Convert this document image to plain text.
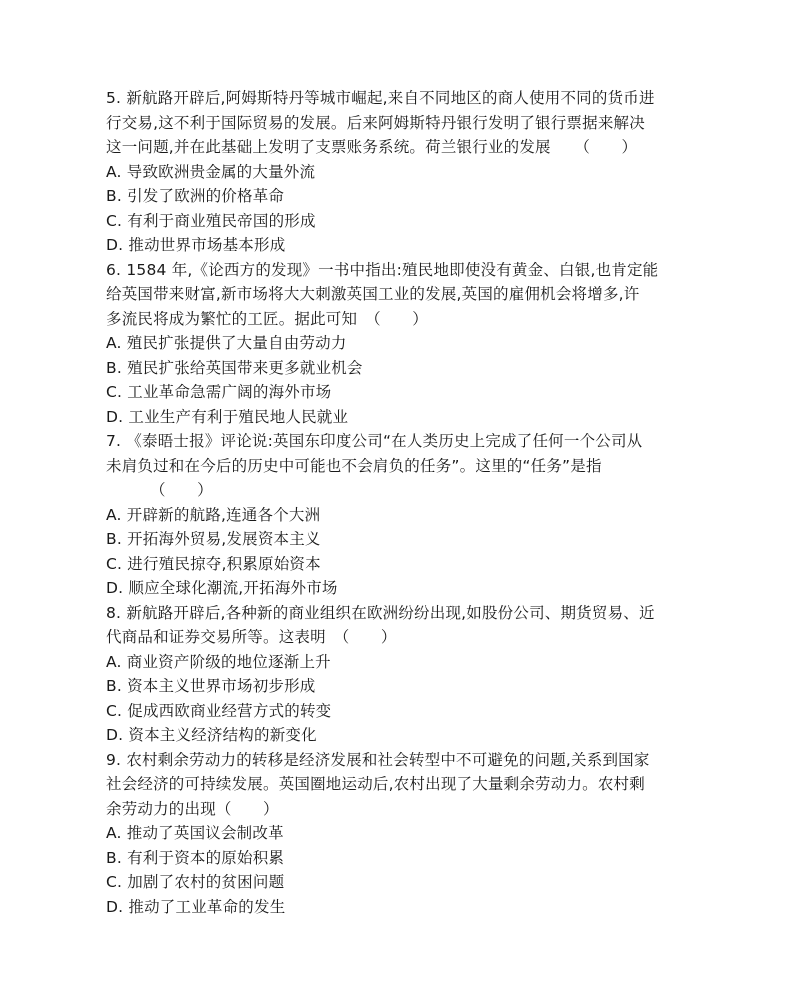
5. 新航路开辟后,阿姆斯特丹等城市崛起,来自不同地区的商人使用不同的货币进
行交易,这不利于国际贸易的发展。后来阿姆斯特丹银行发明了银行票据来解决
这一问题,并在此基础上发明了支票账务系统。荷兰银行业的发展　　（　　）
A. 导致欧洲贵金属的大量外流
B. 引发了欧洲的价格革命
C. 有利于商业殖民帝国的形成
D. 推动世界市场基本形成
6. 1584 年,《论西方的发现》一书中指出:殖民地即使没有黄金、白银,也肯定能
给英国带来财富,新市场将大大刺激英国工业的发展,英国的雇佣机会将增多,许
多流民将成为繁忙的工匠。据此可知　（　　）
A. 殖民扩张提供了大量自由劳动力
B. 殖民扩张给英国带来更多就业机会
C. 工业革命急需广阔的海外市场
D. 工业生产有利于殖民地人民就业
7. 《泰晤士报》评论说:英国东印度公司“在人类历史上完成了任何一个公司从
未肩负过和在今后的历史中可能也不会肩负的任务”。这里的“任务”是指
（　　）
A. 开辟新的航路,连通各个大洲
B. 开拓海外贸易,发展资本主义
C. 进行殖民掠夺,积累原始资本
D. 顺应全球化潮流,开拓海外市场
8. 新航路开辟后,各种新的商业组织在欧洲纷纷出现,如股份公司、期货贸易、近
代商品和证券交易所等。这表明　（　　）
A. 商业资产阶级的地位逐渐上升
B. 资本主义世界市场初步形成
C. 促成西欧商业经营方式的转变
D. 资本主义经济结构的新变化
9. 农村剩余劳动力的转移是经济发展和社会转型中不可避免的问题,关系到国家
社会经济的可持续发展。英国圈地运动后,农村出现了大量剩余劳动力。农村剩
余劳动力的出现（　　）
A. 推动了英国议会制改革
B. 有利于资本的原始积累
C. 加剧了农村的贫困问题
D. 推动了工业革命的发生
